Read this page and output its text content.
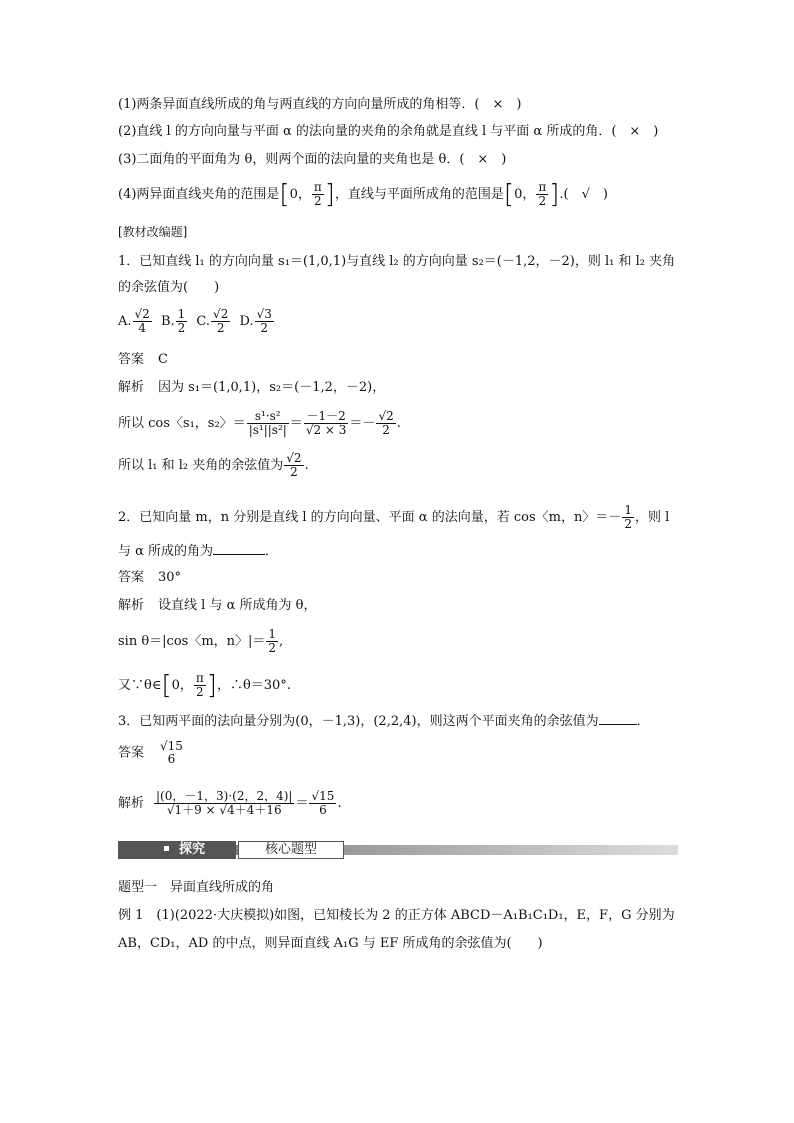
(1)两条异面直线所成的角与两直线的方向向量所成的角相等．(　×　)
(2)直线 l 的方向向量与平面 α 的法向量的夹角的余角就是直线 l 与平面 α 所成的角．(　×　)
(3)二面角的平面角为 θ，则两个面的法向量的夹角也是 θ．(　×　)
(4)两异面直线夹角的范围是[0， $\frac{\pi}{2}$ ]，直线与平面所成角的范围是[0， $\frac{\pi}{2}$ ].(　√　)
[教材改编题]
1．已知直线 l₁ 的方向向量 s₁＝(1,0,1)与直线 l₂ 的方向向量 s₂＝(－1,2，－2)，则 l₁ 和 l₂ 夹角
的余弦值为(　　)
A. $\frac{√2}{4} B$. $\frac{1}{2} C$. $\frac{√2}{2} D$. $\frac{√3}{2}$
答案 C
解析 因为 s₁＝(1,0,1)，s₂＝(－1,2，－2)，
所以 cos〈s₁，s₂〉＝ $\frac{\text{s¹·s²}}{\text{|s¹||s²|}} = \frac{-1-2}{√2 \times 3} =- \frac{√2}{2}$ .
所以 l₁ 和 l₂ 夹角的余弦值为 $\frac{√2}{2}$ .
2．已知向量 m，n 分别是直线 l 的方向向量、平面 α 的法向量，若 cos〈m，n〉＝－ $\frac{1}{2}$ ，则 l
与 α 所成的角为	．
答案 30°
解析 设直线 l 与 α 所成角为 θ，
sin θ＝|cos〈m，n〉|＝ $\frac{1}{2}$ ,
又∵θ∈[0， $\frac{\pi}{2}$ ]，∴θ＝30°.
3．已知两平面的法向量分别为(0，－1,3)，(2,2,4)，则这两个平面夹角的余弦值为	．
答案 √15
6
解析 $\frac{|(0,-1,3)\cdot(2,2,4)|}{√1+9 \times √4+4+16} = \frac{√15}{6}$ .
探究	核心题型
题型一　异面直线所成的角
例 1　(1)(2022·大庆模拟)如图，已知棱长为 2 的正方体 ABCD－A₁B₁C₁D₁，E，F，G 分别为
AB，CD₁，AD 的中点，则异面直线 A₁G 与 EF 所成角的余弦值为(　　)
